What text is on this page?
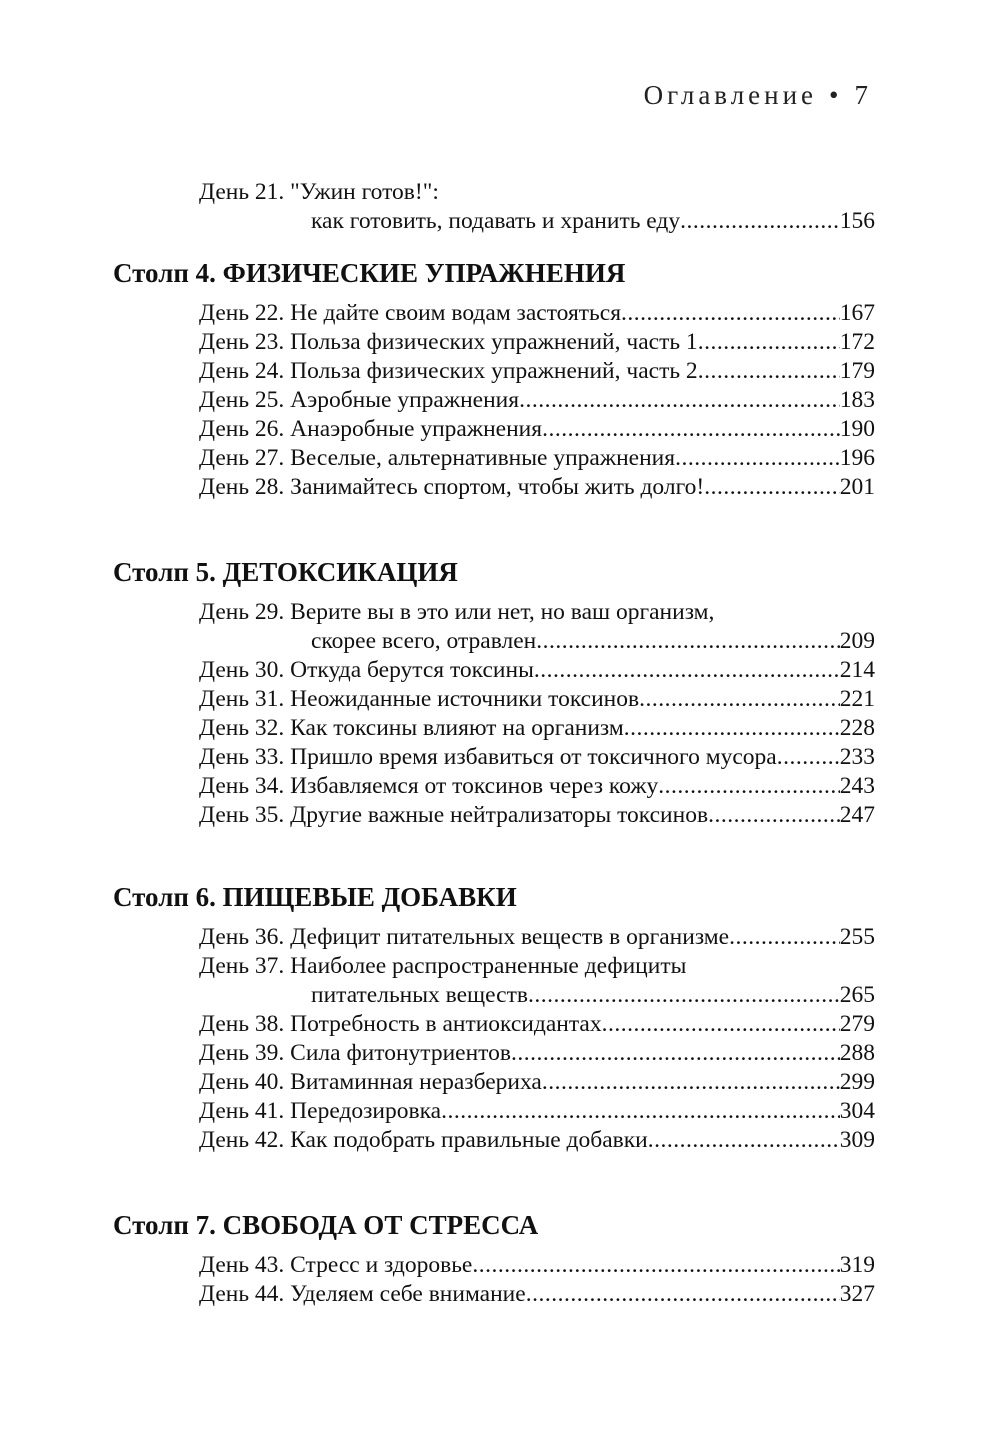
Оглавление • 7
День 21. "Ужин готов!":
как готовить, подавать и хранить еду .....	156
Столп 4. ФИЗИЧЕСКИЕ УПРАЖНЕНИЯ
День 22. Не дайте своим водам застояться .....	167
День 23. Польза физических упражнений, часть 1 .....	172
День 24. Польза физических упражнений, часть 2 .....	179
День 25. Аэробные упражнения .....	183
День 26. Анаэробные упражнения .....	190
День 27. Веселые, альтернативные упражнения .....	196
День 28. Занимайтесь спортом, чтобы жить долго! .....	201
Столп 5. ДЕТОКСИКАЦИЯ
День 29. Верите вы в это или нет, но ваш организм,
скорее всего, отравлен .....	209
День 30. Откуда берутся токсины .....	214
День 31. Неожиданные источники токсинов .....	221
День 32. Как токсины влияют на организм .....	228
День 33. Пришло время избавиться от токсичного мусора .....	233
День 34. Избавляемся от токсинов через кожу .....	243
День 35. Другие важные нейтрализаторы токсинов .....	247
Столп 6. ПИЩЕВЫЕ ДОБАВКИ
День 36. Дефицит питательных веществ в организме .....	255
День 37. Наиболее распространенные дефициты
питательных веществ .....	265
День 38. Потребность в антиоксидантах .....	279
День 39. Сила фитонутриентов .....	288
День 40. Витаминная неразбериха .....	299
День 41. Передозировка .....	304
День 42. Как подобрать правильные добавки .....	309
Столп 7. СВОБОДА ОТ СТРЕССА
День 43. Стресс и здоровье .....	319
День 44. Уделяем себе внимание .....	327
